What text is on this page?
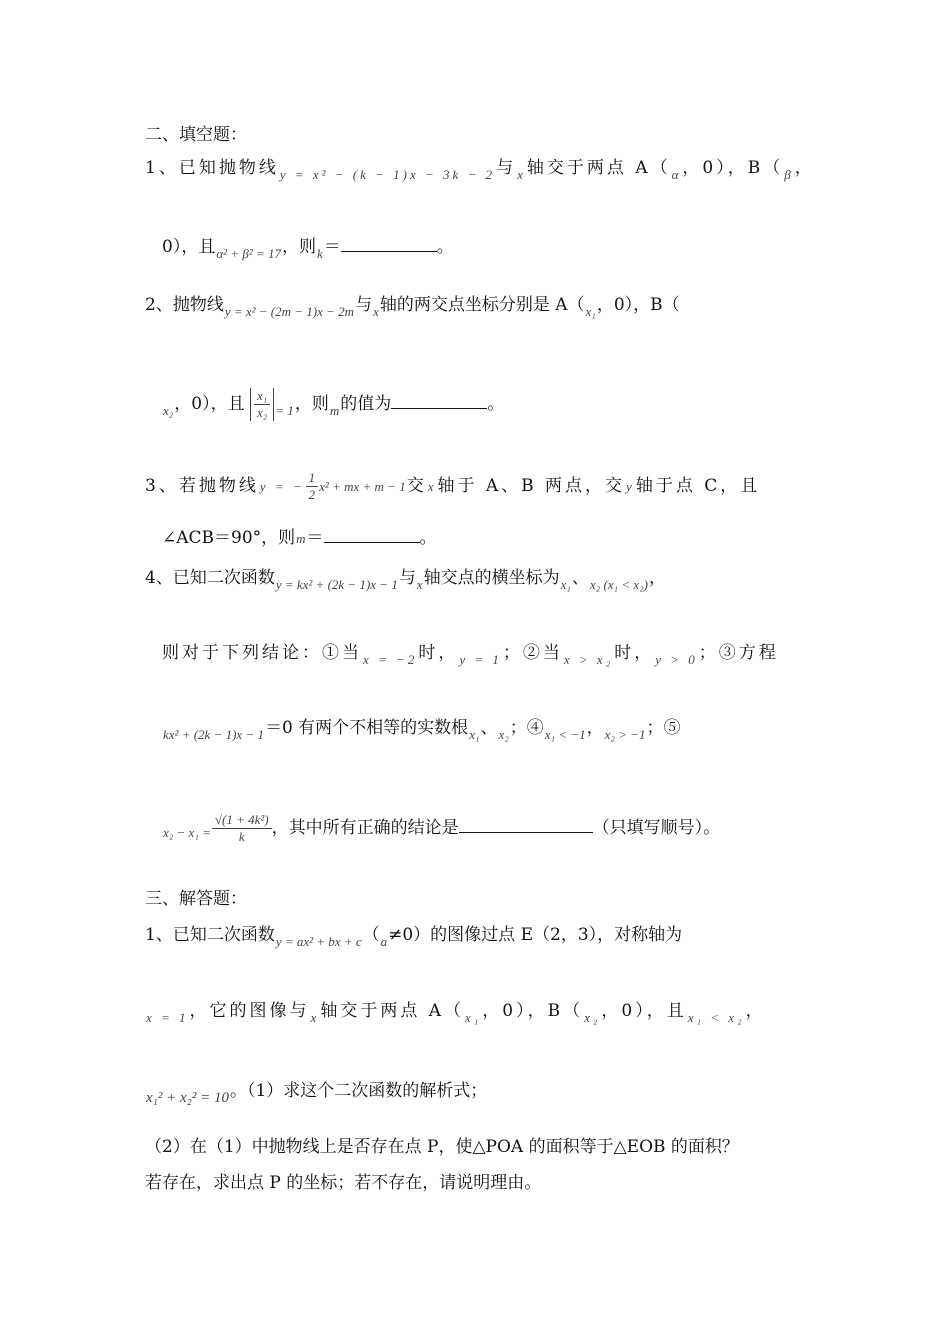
二、填空题：
1、已知抛物线y = x² − (k − 1)x − 3k − 2与x轴交于两点 A（α，0），B（β，
0），且α² + β² = 17，则k＝	。
2、抛物线y = x² − (2m − 1)x − 2m与x轴的两交点坐标分别是 A（x₁，0），B（
x₂，0），且 $\frac{\text{x₁}}{\text{x₂}} = 1$，则m的值为	。
3、若抛物线y = − $\frac{1}{2} x^2$ + mx + m − 1交x轴于 A、B 两点，交y轴于点 C，且
∠ACB＝90°，则m＝	。
4、已知二次函数y = kx² + (2k − 1)x − 1与x轴交点的横坐标为x₁、x₂ (x₁ < x₂)，
则对于下列结论：①当x = −2时，y = 1；②当x > x₂时，y > 0；③方程
kx² + (2k − 1)x − 1＝0 有两个不相等的实数根x₁、x₂；④x₁ < −1，x₂ > −1；⑤
$x_2 - x_1 = \frac{\text{√(1 + 4k²)}}{k}$ ，其中所有正确的结论是	（只填写顺号）。
三、解答题：
1、已知二次函数y = ax² + bx + c（a≠0）的图像过点 E（2，3），对称轴为
x = 1，它的图像与x轴交于两点 A（x₁，0），B（x₂，0），且x₁ < x₂，
x₁² + x₂² = 10。（1）求这个二次函数的解析式；
（2）在（1）中抛物线上是否存在点 P，使△POA 的面积等于△EOB 的面积？
若存在，求出点 P 的坐标；若不存在，请说明理由。
